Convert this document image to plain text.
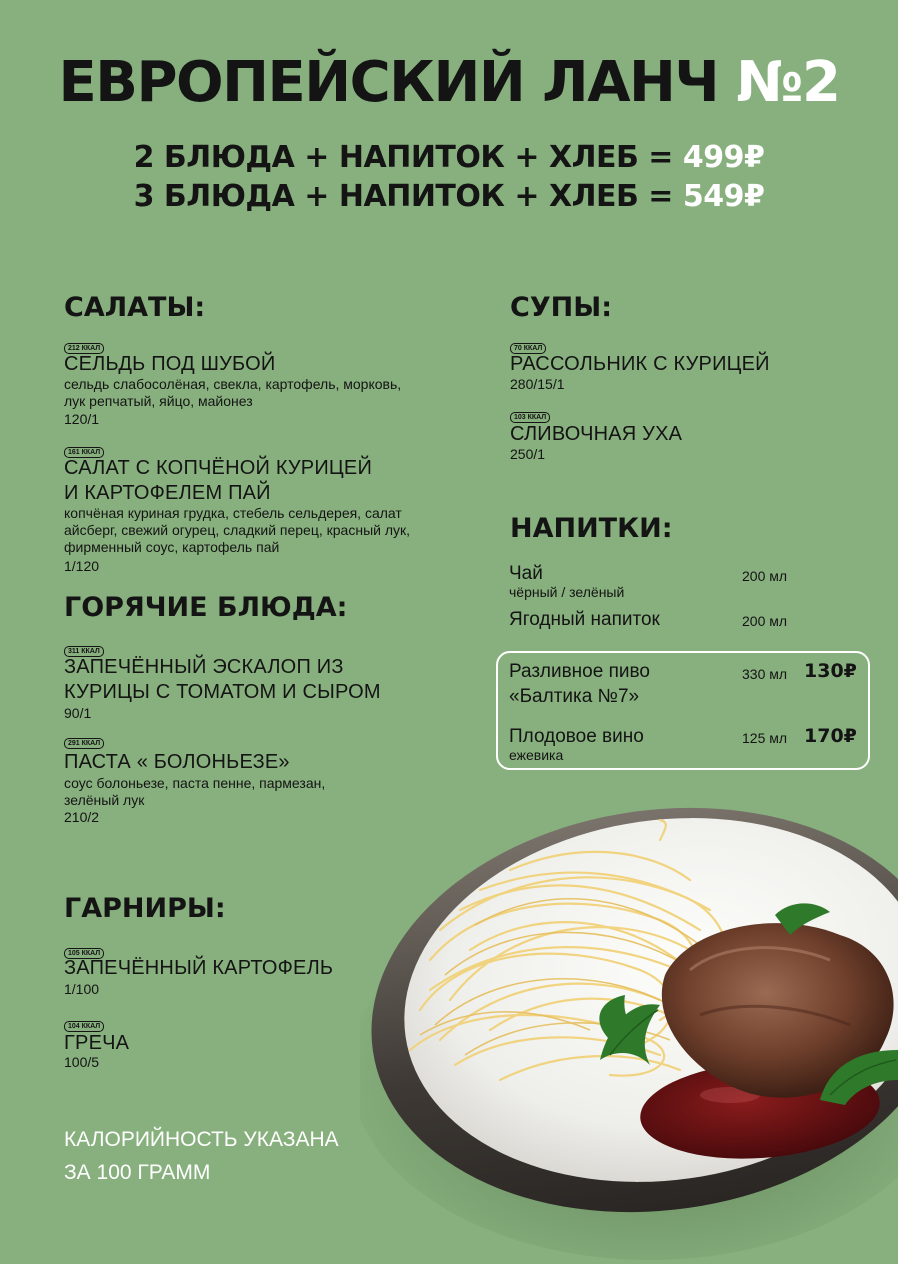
ЕВРОПЕЙСКИЙ ЛАНЧ №2
2 БЛЮДА + НАПИТОК + ХЛЕБ = 499₽
3 БЛЮДА + НАПИТОК + ХЛЕБ = 549₽
САЛАТЫ:
212 ККАЛ
СЕЛЬДЬ ПОД ШУБОЙ
сельдь слабосолёная, свекла, картофель, морковь, лук репчатый, яйцо, майонез
120/1
161 ККАЛ
САЛАТ С КОПЧЁНОЙ КУРИЦЕЙ
И КАРТОФЕЛЕМ ПАЙ
копчёная куриная грудка, стебель сельдерея, салат айсберг, свежий огурец, сладкий перец, красный лук, фирменный соус, картофель пай
1/120
ГОРЯЧИЕ БЛЮДА:
311 ККАЛ
ЗАПЕЧЁННЫЙ ЭСКАЛОП ИЗ
КУРИЦЫ С ТОМАТОМ И СЫРОМ
90/1
291 ККАЛ
ПАСТА « БОЛОНЬЕЗЕ»
соус болоньезе, паста пенне, пармезан, зелёный лук
210/2
СУПЫ:
70 ККАЛ
РАССОЛЬНИК С КУРИЦЕЙ
280/15/1
103 ККАЛ
СЛИВОЧНАЯ УХА
250/1
НАПИТКИ:
Чай
чёрный / зелёный
200 мл
Ягодный напиток	200 мл
Разливное пиво
«Балтика №7»
330 мл 130₽
Плодовое вино
ежевика
125 мл 170₽
ГАРНИРЫ:
105 ККАЛ
ЗАПЕЧЁННЫЙ КАРТОФЕЛЬ
1/100
104 ККАЛ
ГРЕЧА
100/5
КАЛОРИЙНОСТЬ УКАЗАНА
ЗА 100 ГРАММ
